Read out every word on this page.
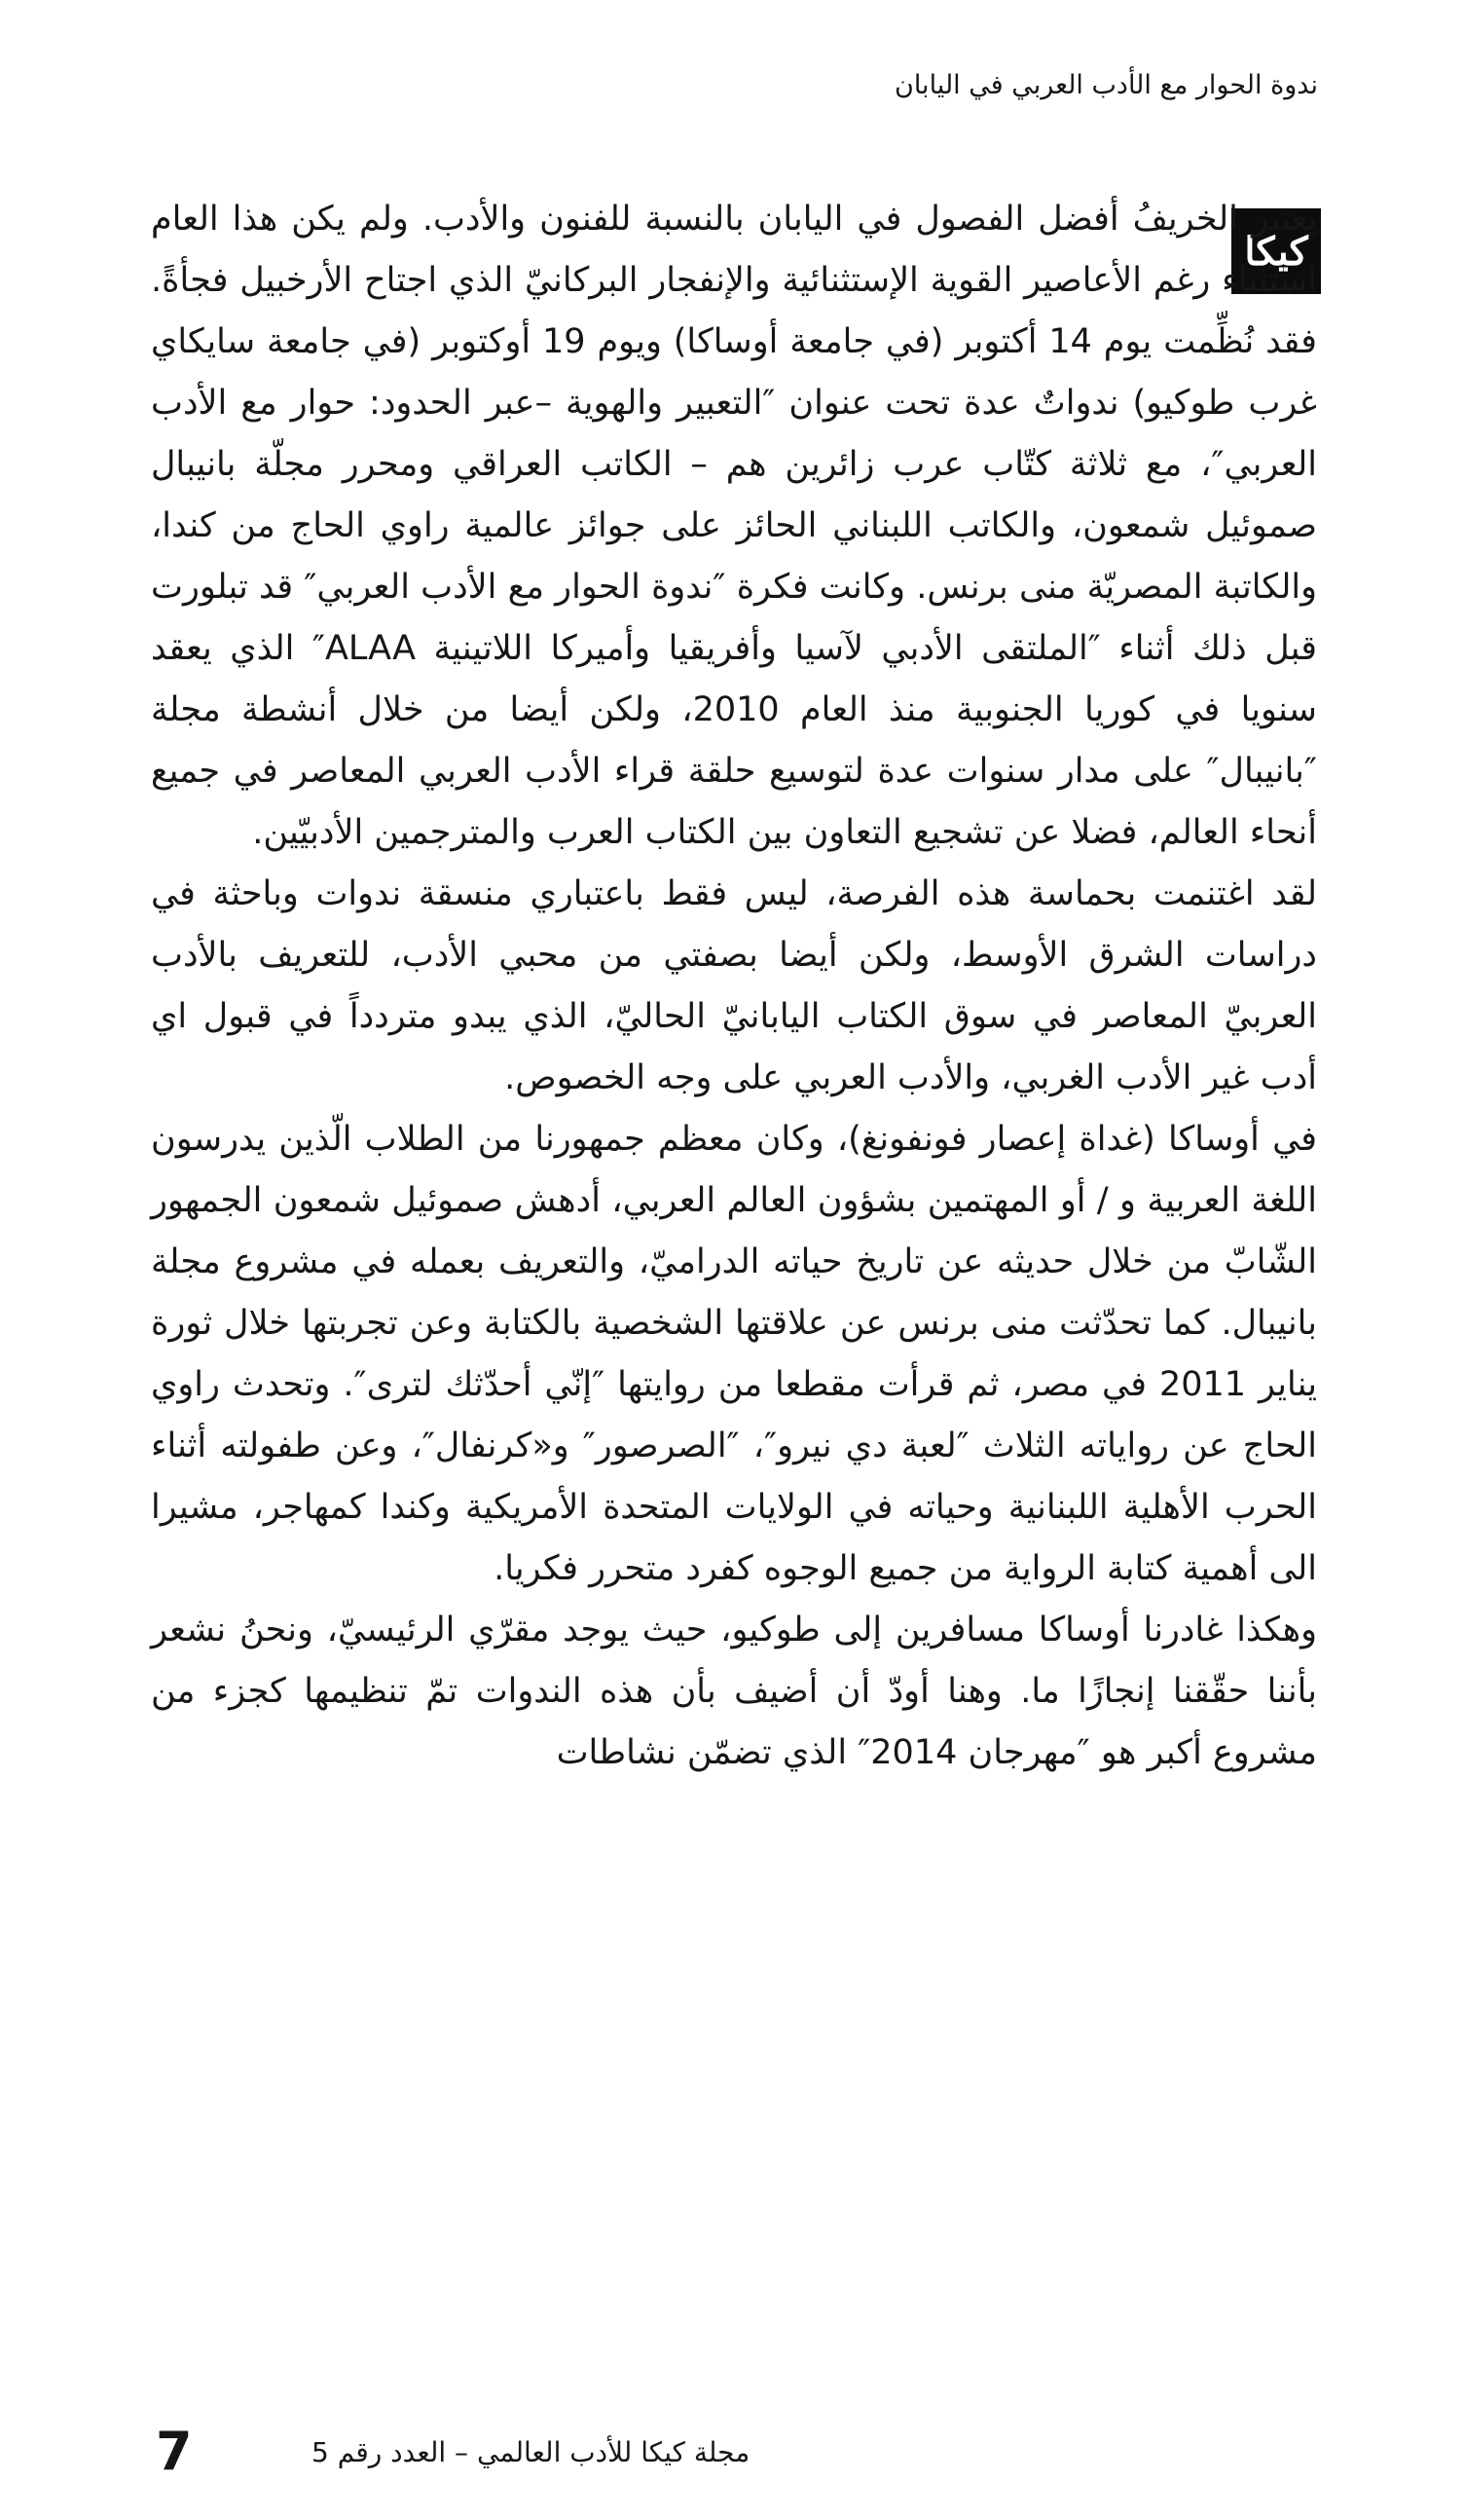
ندوة الحوار مع الأدب العربي في اليابان
كيكا

يعتبر الخريفُ أفضل الفصول في اليابان بالنسبة للفنون والأدب. ولم يكن هذا العام استثناء رغم الأعاصير القوية الإستثنائية والإنفجار البركانيّ الذي اجتاح الأرخبيل فجأةً. فقد نُظِّمت يوم 14 أكتوبر (في جامعة أوساكا) ويوم 19 أوكتوبر (في جامعة سايكاي غرب طوكيو) ندواتٌ عدة تحت عنوان ″التعبير والهوية –عبر الحدود: حوار مع الأدب العربي″، مع ثلاثة كتّاب عرب زائرين هم – الكاتب العراقي ومحرر مجلّة بانيبال صموئيل شمعون، والكاتب اللبناني الحائز على جوائز عالمية راوي الحاج من كندا، والكاتبة المصريّة منى برنس. وكانت فكرة ″ندوة الحوار مع الأدب العربي″ قد تبلورت قبل ذلك أثناء ″الملتقى الأدبي لآسيا وأفريقيا وأميركا اللاتينية ALAA″ الذي يعقد سنويا في كوريا الجنوبية منذ العام 2010، ولكن أيضا من خلال أنشطة مجلة ″بانيبال″ على مدار سنوات عدة لتوسيع حلقة قراء الأدب العربي المعاصر في جميع أنحاء العالم، فضلا عن تشجيع التعاون بين الكتاب العرب والمترجمين الأدبيّين.

لقد اغتنمت بحماسة هذه الفرصة، ليس فقط باعتباري منسقة ندوات وباحثة في دراسات الشرق الأوسط، ولكن أيضا بصفتي من محبي الأدب، للتعريف بالأدب العربيّ المعاصر في سوق الكتاب اليابانيّ الحاليّ، الذي يبدو متردداً في قبول اي أدب غير الأدب الغربي، والأدب العربي على وجه الخصوص.

في أوساكا (غداة إعصار فونفونغ)، وكان معظم جمهورنا من الطلاب الّذين يدرسون اللغة العربية و / أو المهتمين بشؤون العالم العربي، أدهش صموئيل شمعون الجمهور الشّابّ من خلال حديثه عن تاريخ حياته الدراميّ، والتعريف بعمله في مشروع مجلة بانيبال. كما تحدّثت منى برنس عن علاقتها الشخصية بالكتابة وعن تجربتها خلال ثورة يناير 2011 في مصر، ثم قرأت مقطعا من روايتها ″إنّي أحدّثك لترى″. وتحدث راوي الحاج عن رواياته الثلاث ″لعبة دي نيرو″، ″الصرصور″ و«كرنفال″، وعن طفولته أثناء الحرب الأهلية اللبنانية وحياته في الولايات المتحدة الأمريكية وكندا كمهاجر، مشيرا الى أهمية كتابة الرواية من جميع الوجوه كفرد متحرر فكريا.

وهكذا غادرنا أوساكا مسافرين إلى طوكيو، حيث يوجد مقرّي الرئيسيّ، ونحنُ نشعر بأننا حقّقنا إنجازًا ما. وهنا أودّ أن أضيف بأن هذه الندوات تمّ تنظيمها كجزء من مشروع أكبر هو ″مهرجان 2014″ الذي تضمّن نشاطات

7	مجلة كيكا للأدب العالمي – العدد رقم 5
